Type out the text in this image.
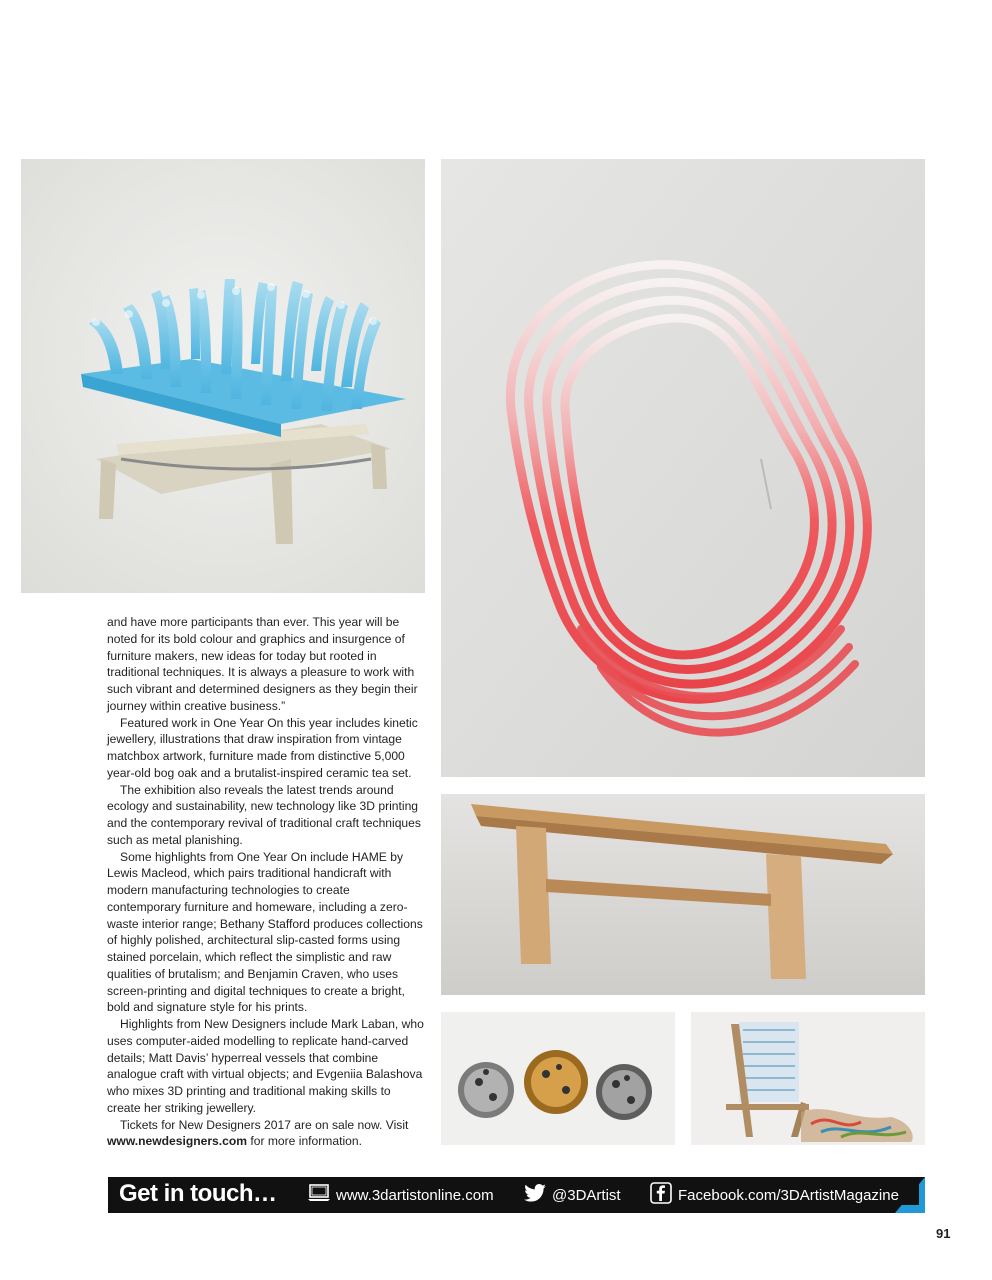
and have more participants than ever. This year will be noted for its bold colour and graphics and insurgence of furniture makers, new ideas for today but rooted in traditional techniques. It is always a pleasure to work with such vibrant and determined designers as they begin their journey within creative business.”

Featured work in One Year On this year includes kinetic jewellery, illustrations that draw inspiration from vintage matchbox artwork, furniture made from distinctive 5,000 year-old bog oak and a brutalist-inspired ceramic tea set.

The exhibition also reveals the latest trends around ecology and sustainability, new technology like 3D printing and the contemporary revival of traditional craft techniques such as metal planishing.

Some highlights from One Year On include HAME by Lewis Macleod, which pairs traditional handicraft with modern manufacturing technologies to create contemporary furniture and homeware, including a zero-waste interior range; Bethany Stafford produces collections of highly polished, architectural slip-casted forms using stained porcelain, which reflect the simplistic and raw qualities of brutalism; and Benjamin Craven, who uses screen-printing and digital techniques to create a bright, bold and signature style for his prints.

Highlights from New Designers include Mark Laban, who uses computer-aided modelling to replicate hand-carved details; Matt Davis’ hyperreal vessels that combine analogue craft with virtual objects; and Evgeniia Balashova who mixes 3D printing and traditional making skills to create her striking jewellery.

Tickets for New Designers 2017 are on sale now. Visit www.newdesigners.com for more information.

Get in touch…	www.3dartistonline.com	@3DArtist	Facebook.com/3DArtistMagazine
91
